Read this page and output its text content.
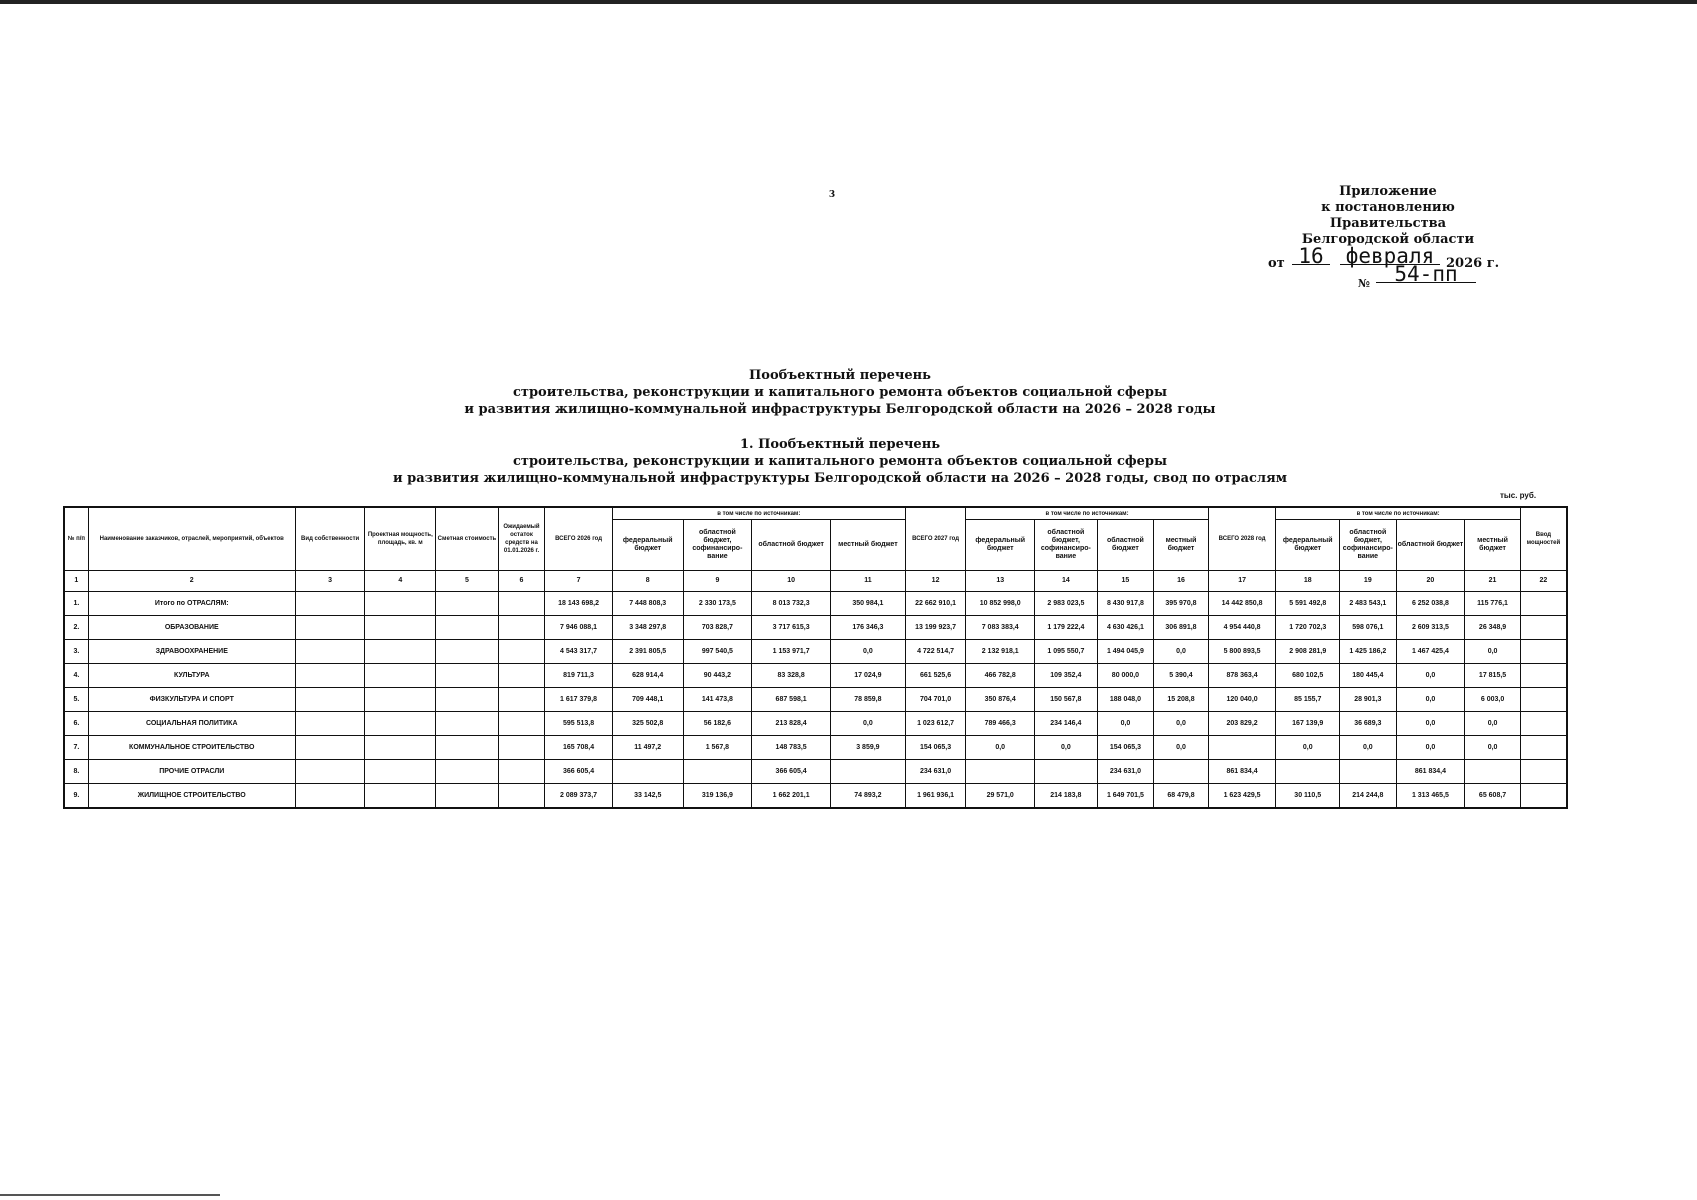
3	Приложение
к постановлению Правительства
Белгородской области
от 16	февраля 2026 г.
№	54-пп
Пообъектный перечень
строительства, реконструкции и капитального ремонта объектов социальной сферы
и развития жилищно-коммунальной инфраструктуры Белгородской области на 2026 – 2028 годы
1. Пообъектный перечень
строительства, реконструкции и капитального ремонта объектов социальной сферы
и развития жилищно-коммунальной инфраструктуры Белгородской области на 2026 – 2028 годы, свод по отраслям
тыс. руб.
№ п/п	Наименование заказчиков, отраслей, мероприятий, объектов	Вид собственности	Проектная мощность, площадь, кв. м	Сметная стоимость	Ожидаемый остаток средств на 01.01.2026 г.	ВСЕГО 2026 год	в том числе по источникам:				ВСЕГО 2027 год	в том числе по источникам:				ВСЕГО 2028 год	в том числе по источникам:				Ввод мощностей
							федеральный бюджет	областной бюджет, софинансиро-вание	областной бюджет	местный бюджет		федеральный бюджет	областной бюджет, софинансиро-вание	областной бюджет	местный бюджет		федеральный бюджет	областной бюджет, софинансиро-вание	областной бюджет	местный бюджет	
1	2	3	4	5	6	7	8	9	10	11	12	13	14	15	16	17	18	19	20	21	22
1.	Итого по ОТРАСЛЯМ:					18 143 698,2	7 448 808,3	2 330 173,5	8 013 732,3	350 984,1	22 662 910,1	10 852 998,0	2 983 023,5	8 430 917,8	395 970,8	14 442 850,8	5 591 492,8	2 483 543,1	6 252 038,8	115 776,1	
2.	ОБРАЗОВАНИЕ					7 946 088,1	3 348 297,8	703 828,7	3 717 615,3	176 346,3	13 199 923,7	7 083 383,4	1 179 222,4	4 630 426,1	306 891,8	4 954 440,8	1 720 702,3	598 076,1	2 609 313,5	26 348,9	
3.	ЗДРАВООХРАНЕНИЕ					4 543 317,7	2 391 805,5	997 540,5	1 153 971,7	0,0	4 722 514,7	2 132 918,1	1 095 550,7	1 494 045,9	0,0	5 800 893,5	2 908 281,9	1 425 186,2	1 467 425,4	0,0	
4.	КУЛЬТУРА					819 711,3	628 914,4	90 443,2	83 328,8	17 024,9	661 525,6	466 782,8	109 352,4	80 000,0	5 390,4	878 363,4	680 102,5	180 445,4	0,0	17 815,5	
5.	ФИЗКУЛЬТУРА И СПОРТ					1 617 379,8	709 448,1	141 473,8	687 598,1	78 859,8	704 701,0	350 876,4	150 567,8	188 048,0	15 208,8	120 040,0	85 155,7	28 901,3	0,0	6 003,0	
6.	СОЦИАЛЬНАЯ ПОЛИТИКА					595 513,8	325 502,8	56 182,6	213 828,4	0,0	1 023 612,7	789 466,3	234 146,4	0,0	0,0	203 829,2	167 139,9	36 689,3	0,0	0,0	
7.	КОММУНАЛЬНОЕ СТРОИТЕЛЬСТВО					165 708,4	11 497,2	1 567,8	148 783,5	3 859,9	154 065,3	0,0	0,0	154 065,3	0,0		0,0	0,0	0,0	0,0	
8.	ПРОЧИЕ ОТРАСЛИ					366 605,4			366 605,4		234 631,0			234 631,0		861 834,4			861 834,4		
9.	ЖИЛИЩНОЕ СТРОИТЕЛЬСТВО					2 089 373,7	33 142,5	319 136,9	1 662 201,1	74 893,2	1 961 936,1	29 571,0	214 183,8	1 649 701,5	68 479,8	1 623 429,5	30 110,5	214 244,8	1 313 465,5	65 608,7	
